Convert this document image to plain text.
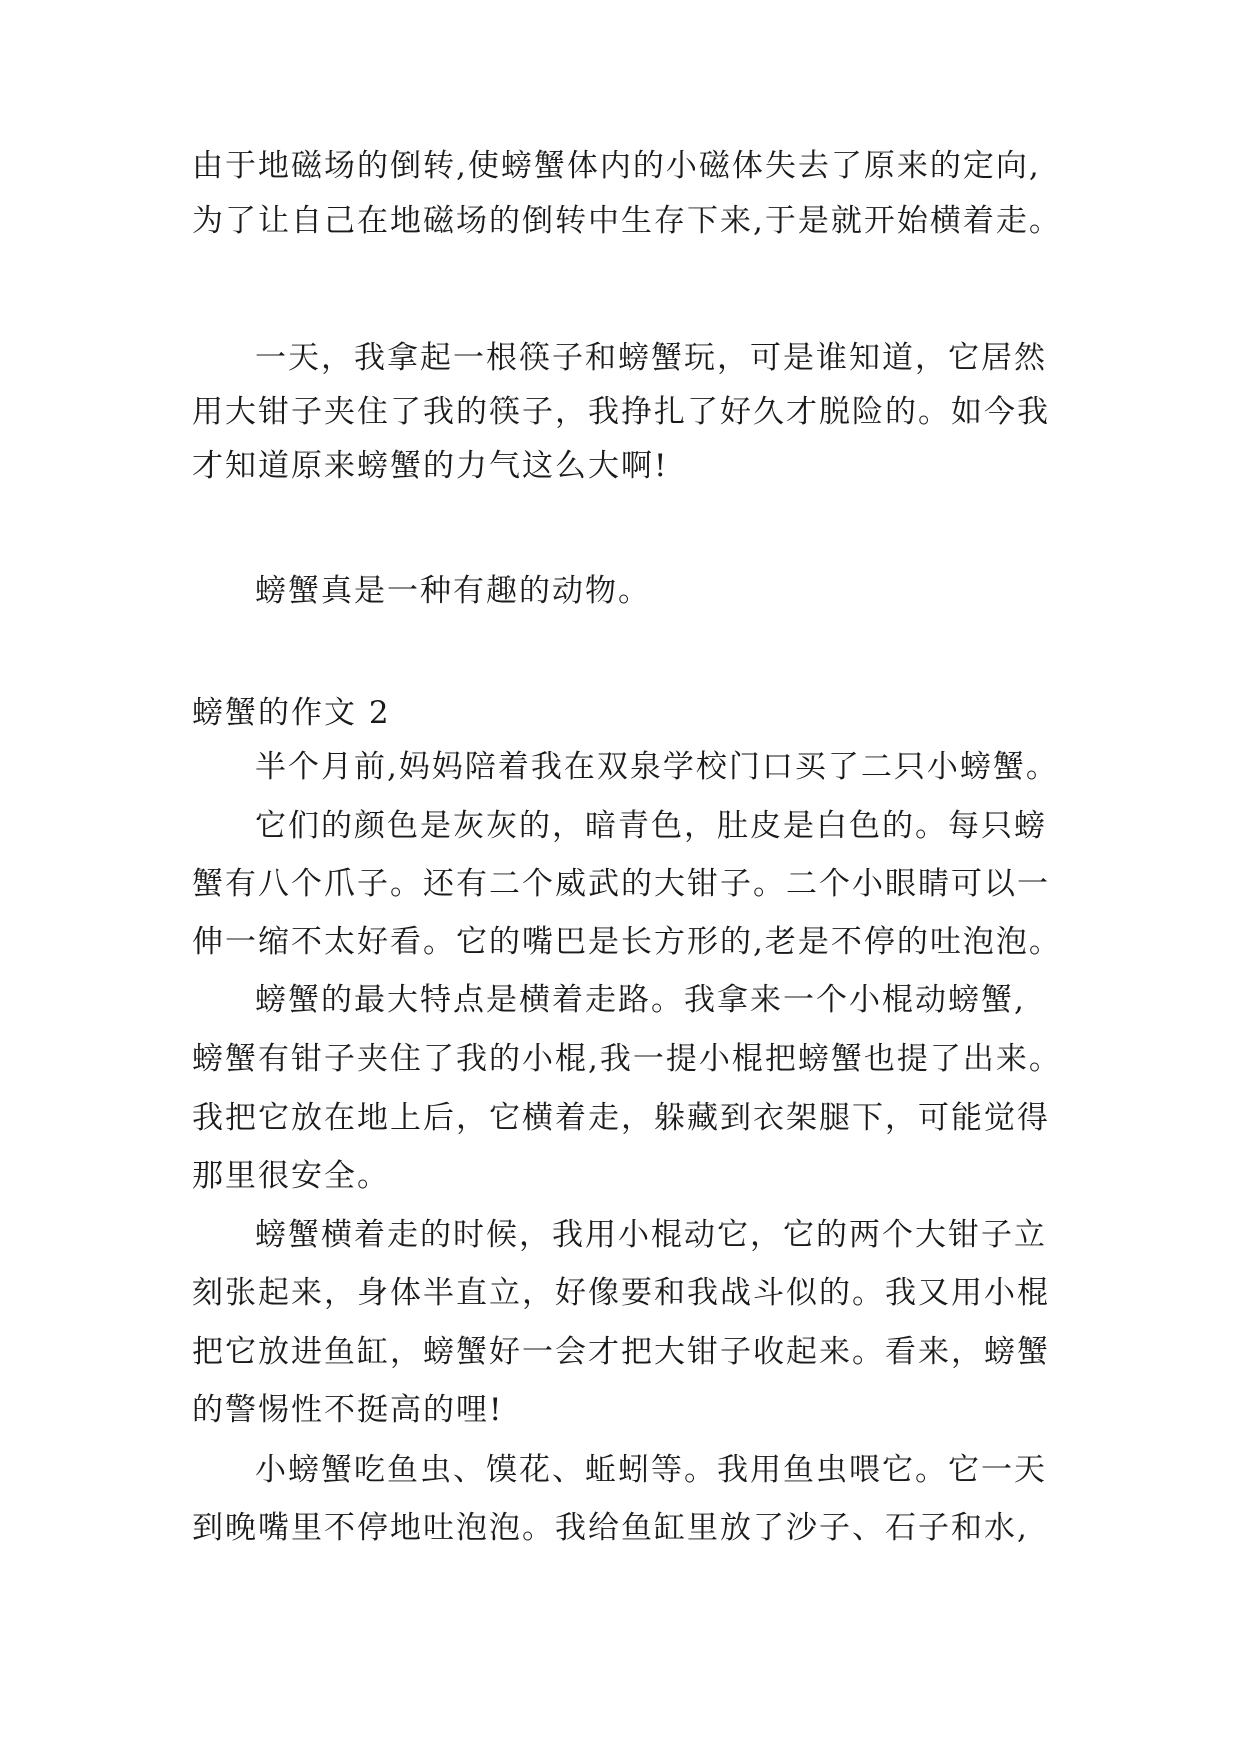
由于地磁场的倒转,使螃蟹体内的小磁体失去了原来的定向,
为了让自己在地磁场的倒转中生存下来,于是就开始横着走。
一天，我拿起一根筷子和螃蟹玩，可是谁知道，它居然
用大钳子夹住了我的筷子，我挣扎了好久才脱险的。如今我
才知道原来螃蟹的力气这么大啊!
螃蟹真是一种有趣的动物。
螃蟹的作文 2
半个月前,妈妈陪着我在双泉学校门口买了二只小螃蟹。
它们的颜色是灰灰的，暗青色，肚皮是白色的。每只螃
蟹有八个爪子。还有二个威武的大钳子。二个小眼睛可以一
伸一缩不太好看。它的嘴巴是长方形的,老是不停的吐泡泡。
螃蟹的最大特点是横着走路。我拿来一个小棍动螃蟹,
螃蟹有钳子夹住了我的小棍,我一提小棍把螃蟹也提了出来。
我把它放在地上后，它横着走，躲藏到衣架腿下，可能觉得
那里很安全。
螃蟹横着走的时候，我用小棍动它，它的两个大钳子立
刻张起来，身体半直立，好像要和我战斗似的。我又用小棍
把它放进鱼缸，螃蟹好一会才把大钳子收起来。看来，螃蟹
的警惕性不挺高的哩!
小螃蟹吃鱼虫、馍花、蚯蚓等。我用鱼虫喂它。它一天
到晚嘴里不停地吐泡泡。我给鱼缸里放了沙子、石子和水,
